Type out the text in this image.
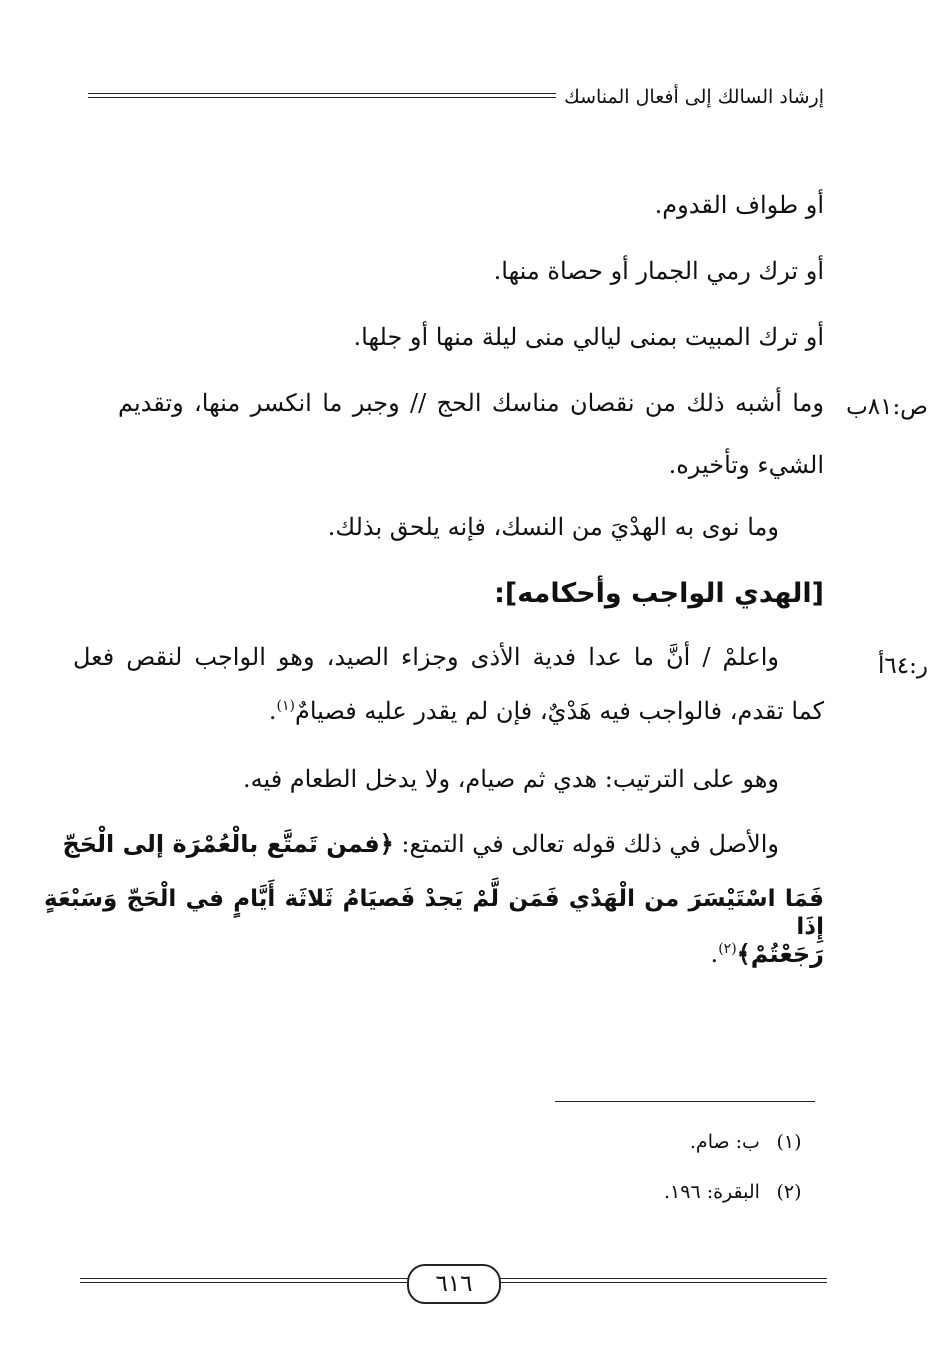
إرشاد السالك إلى أفعال المناسك
أو طواف القدوم.
أو ترك رمي الجمار أو حصاة منها.
أو ترك المبيت بمنى ليالي منى ليلة منها أو جلها.
وما أشبه ذلك من نقصان مناسك الحج // وجبر ما انكسر منها، وتقديم ص:٨١ب
الشيء وتأخيره.
وما نوى به الهدْيَ من النسك، فإنه يلحق بذلك.
[الهدي الواجب وأحكامه]:
واعلمْ / أنَّ ما عدا فدية الأذى وجزاء الصيد، وهو الواجب لنقص فعل	ر:٦٤أ
كما تقدم، فالواجب فيه هَدْيٌ، فإن لم يقدر عليه فصيامٌ$^{(١)}$.
وهو على الترتيب: هدي ثم صيام، ولا يدخل الطعام فيه.
والأصل في ذلك قوله تعالى في التمتع: ﴿فمن تَمتَّع بالْعُمْرَة إلى الْحَجّ
فَمَا اسْتَيْسَرَ من الْهَدْي فَمَن لَّمْ يَجدْ فَصيَامُ ثَلاثَة أَيَّامٍ في الْحَجّ وَسَبْعَةٍ إِذَا
رَجَعْتُمْ﴾$^{(٢)}$.
(١) ب: صام.
(٢) البقرة: ١٩٦.
٦١٦
